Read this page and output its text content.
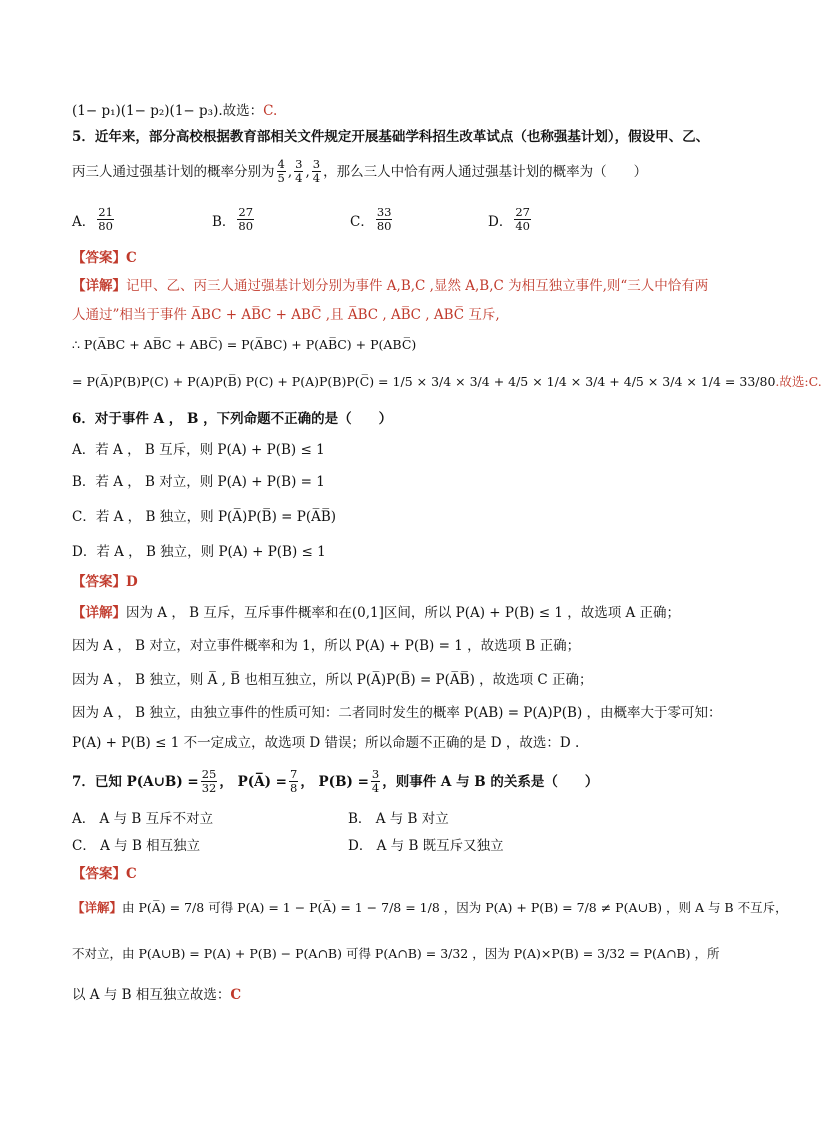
(1− p₁)(1− p₂)(1− p₃).故选：C.
5．近年来，部分高校根据教育部相关文件规定开展基础学科招生改革试点（也称强基计划），假设甲、乙、
丙三人通过强基计划的概率分别为 $\frac{4}{5}$ , $\frac{3}{4}$ , $\frac{3}{4}$ ，那么三人中恰有两人通过强基计划的概率为（　　）
A． $\frac{21}{80}$	B． $\frac{27}{80}$	C． $\frac{33}{80}$	D． $\frac{27}{40}$
【答案】C
【详解】记甲、乙、丙三人通过强基计划分别为事件 A,B,C ,显然 A,B,C 为相互独立事件,则“三人中恰有两
人通过”相当于事件 A̅BC + AB̅C + ABC̅ ,且 A̅BC , AB̅C , ABC̅ 互斥,
∴ P(A̅BC + AB̅C + ABC̅) = P(A̅BC) + P(AB̅C) + P(ABC̅)
= P(A̅)P(B)P(C) + P(A)P(B̅) P(C) + P(A)P(B)P(C̅) = 1/5 × 3/4 × 3/4 + 4/5 × 1/4 × 3/4 + 4/5 × 3/4 × 1/4 = 33/80 .故选:C.
6．对于事件 A ， B ，下列命题不正确的是（　　）
A．若 A ， B 互斥，则 P(A) + P(B) ≤ 1
B．若 A ， B 对立，则 P(A) + P(B) = 1
C．若 A ， B 独立，则 P(A̅)P(B̅) = P(A̅B̅)
D．若 A ， B 独立，则 P(A) + P(B) ≤ 1
【答案】D
【详解】因为 A ， B 互斥，互斥事件概率和在(0,1]区间，所以 P(A) + P(B) ≤ 1 ，故选项 A 正确；
因为 A ， B 对立，对立事件概率和为 1，所以 P(A) + P(B) = 1 ，故选项 B 正确；
因为 A ， B 独立，则 A̅ , B̅ 也相互独立，所以 P(A̅)P(B̅) = P(A̅B̅) ，故选项 C 正确；
因为 A ， B 独立，由独立事件的性质可知：二者同时发生的概率 P(AB) = P(A)P(B) ，由概率大于零可知：
P(A) + P(B) ≤ 1 不一定成立，故选项 D 错误；所以命题不正确的是 D ，故选：D .
7．已知 P(A∪B) = $\frac{25}{32}$ ， P(A̅) = $\frac{7}{8}$ ， $P(B) = \frac{3}{4}$ ，则事件 A 与 B 的关系是（　　）
A． A 与 B 互斥不对立	B． A 与 B 对立
C． A 与 B 相互独立	D． A 与 B 既互斥又独立
【答案】C
【详解】由 P(A̅) = 7/8 可得 P(A) = 1 − P(A̅) = 1 − 7/8 = 1/8 ，因为 P(A) + P(B) = 7/8 ≠ P(A∪B) ，则 A 与 B 不互斥，
不对立，由 P(A∪B) = P(A) + P(B) − P(A∩B) 可得 P(A∩B) = 3/32 ，因为 P(A)×P(B) = 3/32 = P(A∩B) ，所
以 A 与 B 相互独立故选：C
